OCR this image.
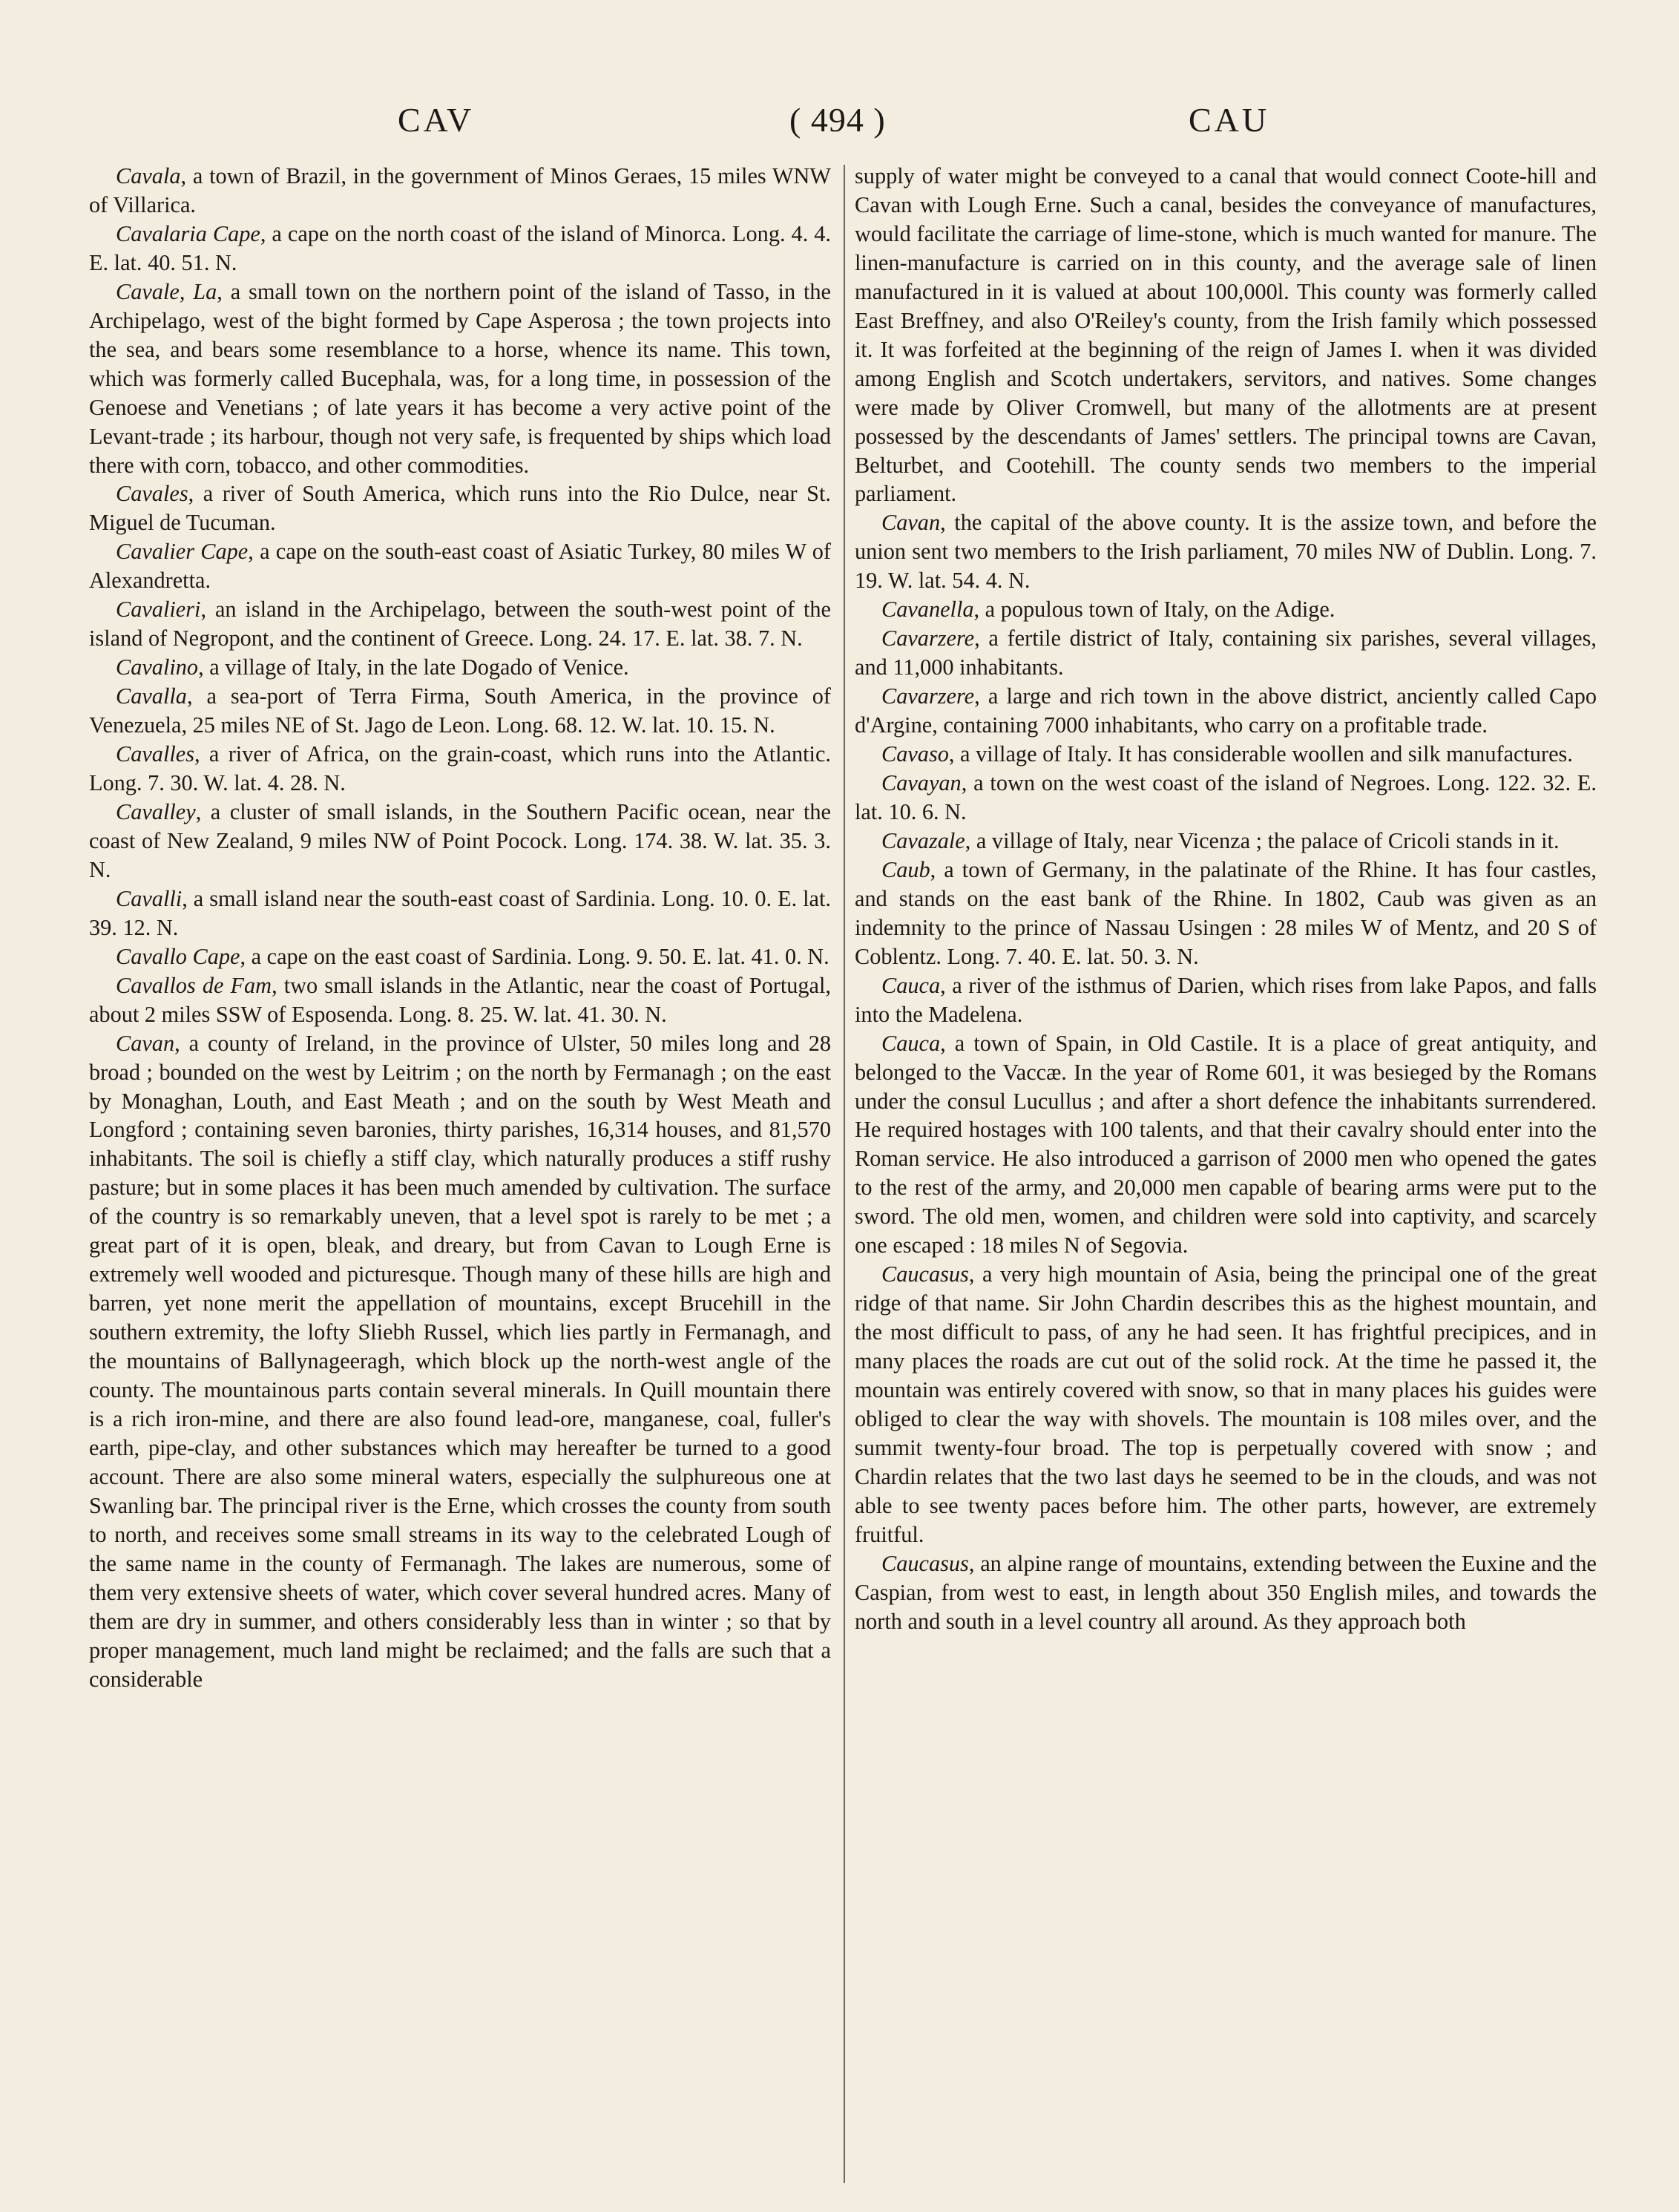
CAV	( 494 )	CAU

Cavala, a town of Brazil, in the government of Minos Geraes, 15 miles WNW of Villarica.

Cavalaria Cape, a cape on the north coast of the island of Minorca. Long. 4. 4. E. lat. 40. 51. N.

Cavale, La, a small town on the northern point of the island of Tasso, in the Archipelago, west of the bight formed by Cape Asperosa ; the town projects into the sea, and bears some resemblance to a horse, whence its name. This town, which was formerly called Bucephala, was, for a long time, in possession of the Genoese and Venetians ; of late years it has become a very active point of the Levant-trade ; its harbour, though not very safe, is frequented by ships which load there with corn, tobacco, and other commodities.

Cavales, a river of South America, which runs into the Rio Dulce, near St. Miguel de Tucuman.

Cavalier Cape, a cape on the south-east coast of Asiatic Turkey, 80 miles W of Alexandretta.

Cavalieri, an island in the Archipelago, between the south-west point of the island of Negropont, and the continent of Greece. Long. 24. 17. E. lat. 38. 7. N.

Cavalino, a village of Italy, in the late Dogado of Venice.

Cavalla, a sea-port of Terra Firma, South America, in the province of Venezuela, 25 miles NE of St. Jago de Leon. Long. 68. 12. W. lat. 10. 15. N.

Cavalles, a river of Africa, on the grain-coast, which runs into the Atlantic. Long. 7. 30. W. lat. 4. 28. N.

Cavalley, a cluster of small islands, in the Southern Pacific ocean, near the coast of New Zealand, 9 miles NW of Point Pocock. Long. 174. 38. W. lat. 35. 3. N.

Cavalli, a small island near the south-east coast of Sardinia. Long. 10. 0. E. lat. 39. 12. N.

Cavallo Cape, a cape on the east coast of Sardinia. Long. 9. 50. E. lat. 41. 0. N.

Cavallos de Fam, two small islands in the Atlantic, near the coast of Portugal, about 2 miles SSW of Esposenda. Long. 8. 25. W. lat. 41. 30. N.

Cavan, a county of Ireland, in the province of Ulster, 50 miles long and 28 broad ; bounded on the west by Leitrim ; on the north by Fermanagh ; on the east by Monaghan, Louth, and East Meath ; and on the south by West Meath and Longford ; containing seven baronies, thirty parishes, 16,314 houses, and 81,570 inhabitants. The soil is chiefly a stiff clay, which naturally produces a stiff rushy pasture; but in some places it has been much amended by cultivation. The surface of the country is so remarkably uneven, that a level spot is rarely to be met ; a great part of it is open, bleak, and dreary, but from Cavan to Lough Erne is extremely well wooded and picturesque. Though many of these hills are high and barren, yet none merit the appellation of mountains, except Brucehill in the southern extremity, the lofty Sliebh Russel, which lies partly in Fermanagh, and the mountains of Ballynageeragh, which block up the north-west angle of the county. The mountainous parts contain several minerals. In Quill mountain there is a rich iron-mine, and there are also found lead-ore, manganese, coal, fuller's earth, pipe-clay, and other substances which may hereafter be turned to a good account. There are also some mineral waters, especially the sulphureous one at Swanling bar. The principal river is the Erne, which crosses the county from south to north, and receives some small streams in its way to the celebrated Lough of the same name in the county of Fermanagh. The lakes are numerous, some of them very extensive sheets of water, which cover several hundred acres. Many of them are dry in summer, and others considerably less than in winter ; so that by proper management, much land might be reclaimed; and the falls are such that a considerable

supply of water might be conveyed to a canal that would connect Coote-hill and Cavan with Lough Erne. Such a canal, besides the conveyance of manufactures, would facilitate the carriage of lime-stone, which is much wanted for manure. The linen-manufacture is carried on in this county, and the average sale of linen manufactured in it is valued at about 100,000l. This county was formerly called East Breffney, and also O'Reiley's county, from the Irish family which possessed it. It was forfeited at the beginning of the reign of James I. when it was divided among English and Scotch undertakers, servitors, and natives. Some changes were made by Oliver Cromwell, but many of the allotments are at present possessed by the descendants of James' settlers. The principal towns are Cavan, Belturbet, and Cootehill. The county sends two members to the imperial parliament.

Cavan, the capital of the above county. It is the assize town, and before the union sent two members to the Irish parliament, 70 miles NW of Dublin. Long. 7. 19. W. lat. 54. 4. N.

Cavanella, a populous town of Italy, on the Adige.

Cavarzere, a fertile district of Italy, containing six parishes, several villages, and 11,000 inhabitants.

Cavarzere, a large and rich town in the above district, anciently called Capo d'Argine, containing 7000 inhabitants, who carry on a profitable trade.

Cavaso, a village of Italy. It has considerable woollen and silk manufactures.

Cavayan, a town on the west coast of the island of Negroes. Long. 122. 32. E. lat. 10. 6. N.

Cavazale, a village of Italy, near Vicenza ; the palace of Cricoli stands in it.

Caub, a town of Germany, in the palatinate of the Rhine. It has four castles, and stands on the east bank of the Rhine. In 1802, Caub was given as an indemnity to the prince of Nassau Usingen : 28 miles W of Mentz, and 20 S of Coblentz. Long. 7. 40. E. lat. 50. 3. N.

Cauca, a river of the isthmus of Darien, which rises from lake Papos, and falls into the Madelena.

Cauca, a town of Spain, in Old Castile. It is a place of great antiquity, and belonged to the Vaccæ. In the year of Rome 601, it was besieged by the Romans under the consul Lucullus ; and after a short defence the inhabitants surrendered. He required hostages with 100 talents, and that their cavalry should enter into the Roman service. He also introduced a garrison of 2000 men who opened the gates to the rest of the army, and 20,000 men capable of bearing arms were put to the sword. The old men, women, and children were sold into captivity, and scarcely one escaped : 18 miles N of Segovia.

Caucasus, a very high mountain of Asia, being the principal one of the great ridge of that name. Sir John Chardin describes this as the highest mountain, and the most difficult to pass, of any he had seen. It has frightful precipices, and in many places the roads are cut out of the solid rock. At the time he passed it, the mountain was entirely covered with snow, so that in many places his guides were obliged to clear the way with shovels. The mountain is 108 miles over, and the summit twenty-four broad. The top is perpetually covered with snow ; and Chardin relates that the two last days he seemed to be in the clouds, and was not able to see twenty paces before him. The other parts, however, are extremely fruitful.

Caucasus, an alpine range of mountains, extending between the Euxine and the Caspian, from west to east, in length about 350 English miles, and towards the north and south in a level country all around. As they approach both
